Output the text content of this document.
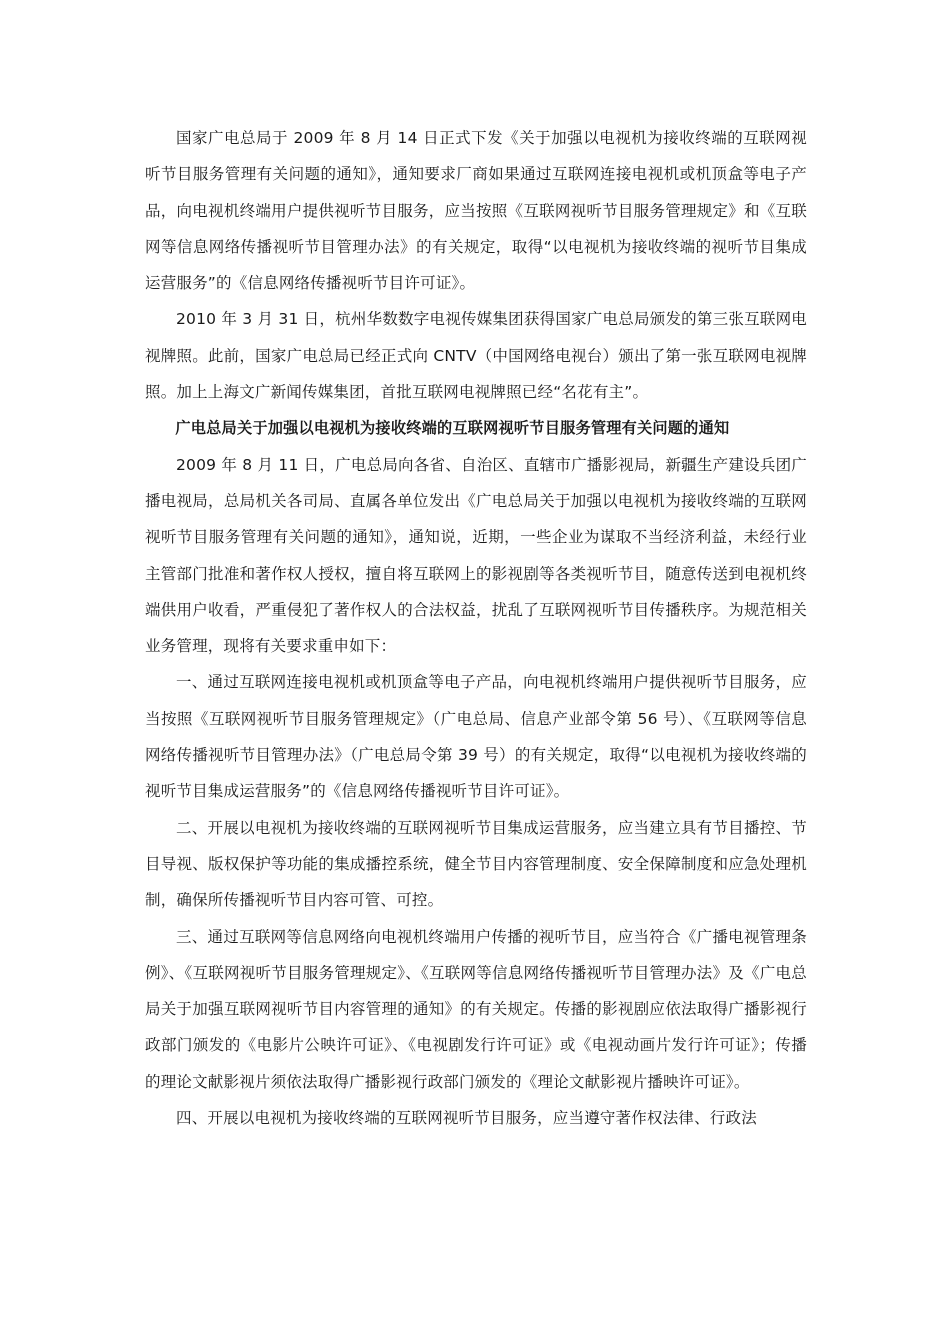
国家广电总局于 2009 年 8 月 14 日正式下发《关于加强以电视机为接收终端的互联网视听节目服务管理有关问题的通知》，通知要求厂商如果通过互联网连接电视机或机顶盒等电子产品，向电视机终端用户提供视听节目服务，应当按照《互联网视听节目服务管理规定》和《互联网等信息网络传播视听节目管理办法》的有关规定，取得“以电视机为接收终端的视听节目集成运营服务”的《信息网络传播视听节目许可证》。

2010 年 3 月 31 日，杭州华数数字电视传媒集团获得国家广电总局颁发的第三张互联网电视牌照。此前，国家广电总局已经正式向 CNTV（中国网络电视台）颁出了第一张互联网电视牌照。加上上海文广新闻传媒集团，首批互联网电视牌照已经“名花有主”。

广电总局关于加强以电视机为接收终端的互联网视听节目服务管理有关问题的通知

2009 年 8 月 11 日，广电总局向各省、自治区、直辖市广播影视局，新疆生产建设兵团广播电视局，总局机关各司局、直属各单位发出《广电总局关于加强以电视机为接收终端的互联网视听节目服务管理有关问题的通知》，通知说，近期，一些企业为谋取不当经济利益，未经行业主管部门批准和著作权人授权，擅自将互联网上的影视剧等各类视听节目，随意传送到电视机终端供用户收看，严重侵犯了著作权人的合法权益，扰乱了互联网视听节目传播秩序。为规范相关业务管理，现将有关要求重申如下：

一、通过互联网连接电视机或机顶盒等电子产品，向电视机终端用户提供视听节目服务，应当按照《互联网视听节目服务管理规定》（广电总局、信息产业部令第 56 号）、《互联网等信息网络传播视听节目管理办法》（广电总局令第 39 号）的有关规定，取得“以电视机为接收终端的视听节目集成运营服务”的《信息网络传播视听节目许可证》。

二、开展以电视机为接收终端的互联网视听节目集成运营服务，应当建立具有节目播控、节目导视、版权保护等功能的集成播控系统，健全节目内容管理制度、安全保障制度和应急处理机制，确保所传播视听节目内容可管、可控。

三、通过互联网等信息网络向电视机终端用户传播的视听节目，应当符合《广播电视管理条例》、《互联网视听节目服务管理规定》、《互联网等信息网络传播视听节目管理办法》及《广电总局关于加强互联网视听节目内容管理的通知》的有关规定。传播的影视剧应依法取得广播影视行政部门颁发的《电影片公映许可证》、《电视剧发行许可证》或《电视动画片发行许可证》；传播的理论文献影视片须依法取得广播影视行政部门颁发的《理论文献影视片播映许可证》。

四、开展以电视机为接收终端的互联网视听节目服务，应当遵守著作权法律、行政法
